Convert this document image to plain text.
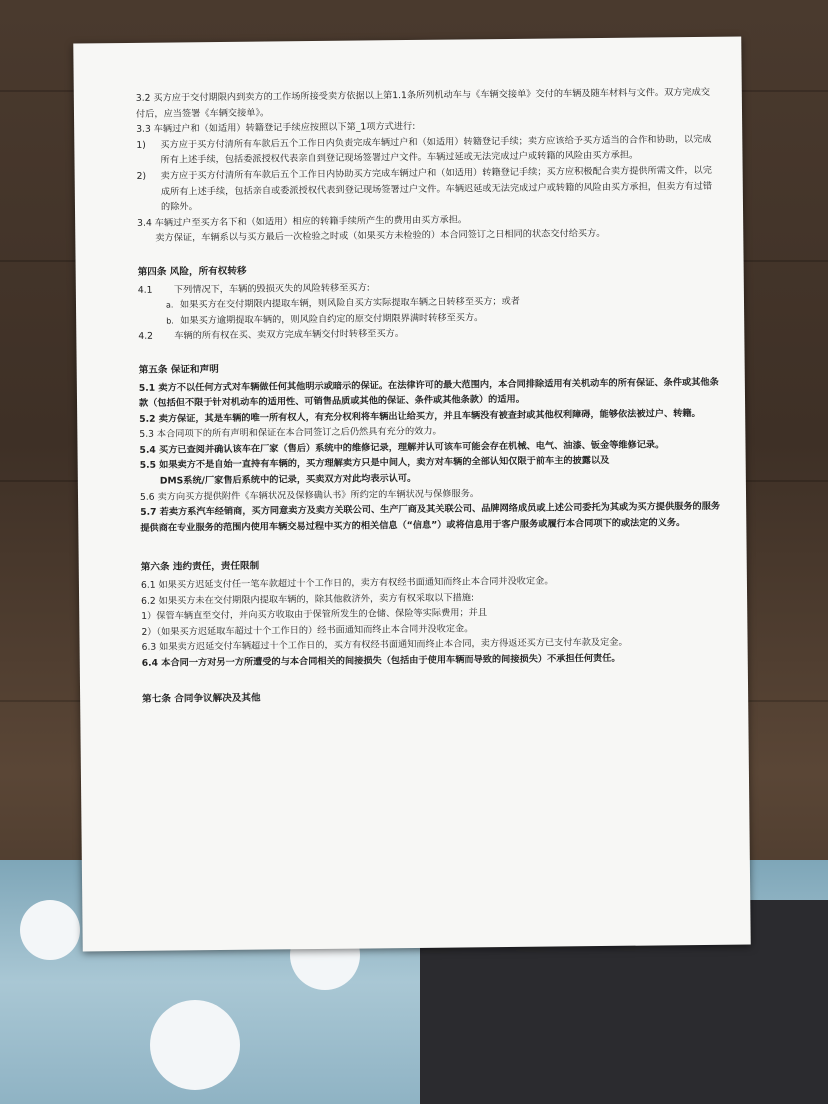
3.2 买方应于交付期限内到卖方的工作场所接受卖方依据以上第1.1条所列机动车与《车辆交接单》交付的车辆及随车材料与文件。双方完成交付后，应当签署《车辆交接单》。

3.3 车辆过户和（如适用）转籍登记手续应按照以下第_1项方式进行:

1)	买方应于买方付清所有车款后五个工作日内负责完成车辆过户和（如适用）转籍登记手续；卖方应该给予买方适当的合作和协助，以完成所有上述手续，包括委派授权代表亲自到登记现场签署过户文件。车辆过延或无法完成过户或转籍的风险由买方承担。
2)	卖方应于买方付清所有车款后五个工作日内协助买方完成车辆过户和（如适用）转籍登记手续；买方应积极配合卖方提供所需文件，以完成所有上述手续，包括亲自或委派授权代表到登记现场签署过户文件。车辆迟延或无法完成过户或转籍的风险由买方承担，但卖方有过错的除外。

3.4 车辆过户至买方名下和（如适用）相应的转籍手续所产生的费用由买方承担。

卖方保证，车辆系以与买方最后一次检验之时或（如果买方未检验的）本合同签订之日相同的状态交付给买方。

第四条 风险，所有权转移

4.1	下列情况下，车辆的毁损灭失的风险转移至买方:
a. 如果买方在交付期限内提取车辆，则风险自买方实际提取车辆之日转移至买方；或者
b. 如果买方逾期提取车辆的，则风险自约定的原交付期限界满时转移至买方。
4.2	车辆的所有权在买、卖双方完成车辆交付时转移至买方。

第五条 保证和声明

5.1 卖方不以任何方式对车辆做任何其他明示或暗示的保证。在法律许可的最大范围内，本合同排除适用有关机动车的所有保证、条件或其他条款（包括但不限于针对机动车的适用性、可销售品质或其他的保证、条件或其他条款）的适用。

5.2 卖方保证，其是车辆的唯一所有权人，有充分权利将车辆出让给买方，并且车辆没有被查封或其他权利障碍，能够依法被过户、转籍。

5.3 本合同项下的所有声明和保证在本合同签订之后仍然具有充分的效力。

5.4 买方已查阅并确认该车在厂家（售后）系统中的维修记录，理解并认可该车可能会存在机械、电气、油漆、钣金等维修记录。

5.5 如果卖方不是自始一直持有车辆的，买方理解卖方只是中间人，卖方对车辆的全部认知仅限于前车主的披露以及

DMS系统/厂家售后系统中的记录，买卖双方对此均表示认可。

5.6 卖方向买方提供附件《车辆状况及保修确认书》所约定的车辆状况与保修服务。

5.7 若卖方系汽车经销商，买方同意卖方及卖方关联公司、生产厂商及其关联公司、品牌网络成员或上述公司委托为其或为买方提供服务的服务提供商在专业服务的范围内使用车辆交易过程中买方的相关信息（“信息”）或将信息用于客户服务或履行本合同项下的或法定的义务。

第六条 违约责任，责任限制

6.1 如果买方迟延支付任一笔车款超过十个工作日的，卖方有权经书面通知而终止本合同并没收定金。

6.2 如果买方未在交付期限内提取车辆的，除其他救济外，卖方有权采取以下措施:

1）保管车辆直至交付，并向买方收取由于保管所发生的仓储、保险等实际费用；并且

2）（如果买方迟延取车超过十个工作日的）经书面通知而终止本合同并没收定金。

6.3 如果卖方迟延交付车辆超过十个工作日的，买方有权经书面通知而终止本合同，卖方得返还买方已支付车款及定金。

6.4 本合同一方对另一方所遭受的与本合同相关的间接损失（包括由于使用车辆而导致的间接损失）不承担任何责任。

第七条 合同争议解决及其他
